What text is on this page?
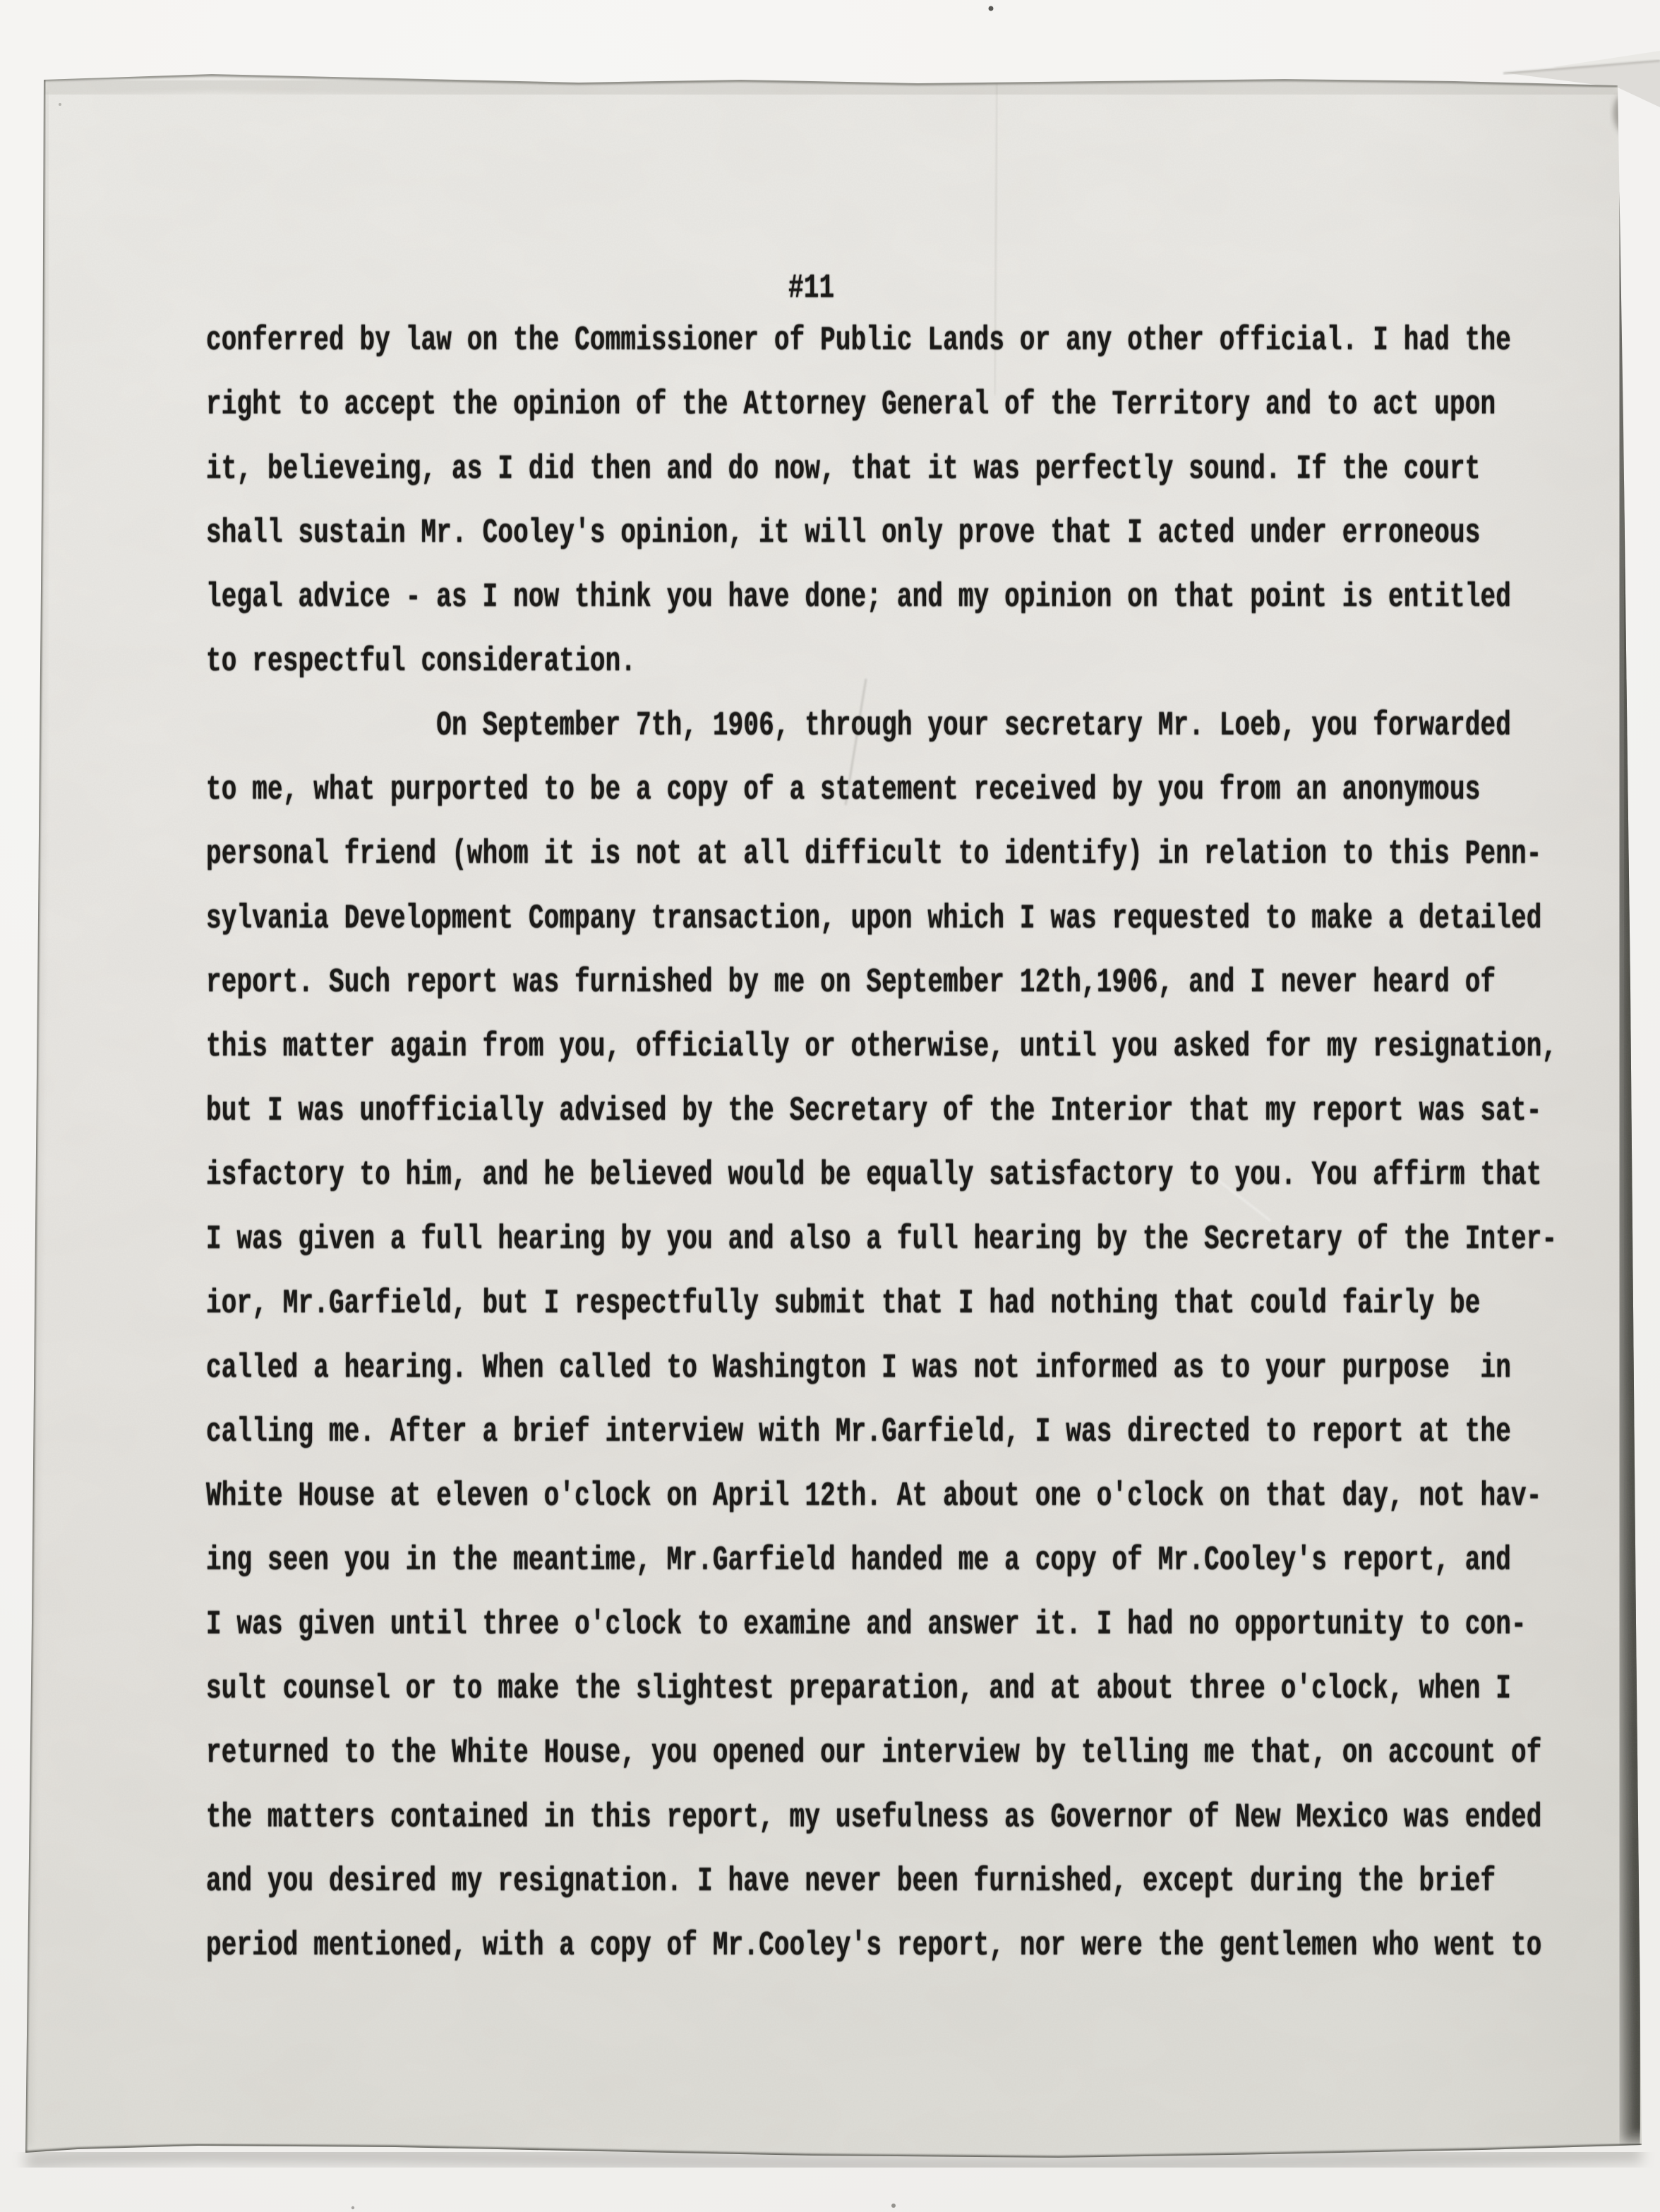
#11
conferred by law on the Commissioner of Public Lands or any other official. I had the
right to accept the opinion of the Attorney General of the Territory and to act upon
it, believeing, as I did then and do now, that it was perfectly sound. If the court
shall sustain Mr. Cooley's opinion, it will only prove that I acted under erroneous
legal advice - as I now think you have done; and my opinion on that point is entitled
to respectful consideration.
On September 7th, 1906, through your secretary Mr. Loeb, you forwarded
to me, what purported to be a copy of a statement received by you from an anonymous
personal friend (whom it is not at all difficult to identify) in relation to this Penn-
sylvania Development Company transaction, upon which I was requested to make a detailed
report. Such report was furnished by me on September 12th,1906, and I never heard of
this matter again from you, officially or otherwise, until you asked for my resignation,
but I was unofficially advised by the Secretary of the Interior that my report was sat-
isfactory to him, and he believed would be equally satisfactory to you. You affirm that
I was given a full hearing by you and also a full hearing by the Secretary of the Inter-
ior, Mr.Garfield, but I respectfully submit that I had nothing that could fairly be
called a hearing. When called to Washington I was not informed as to your purpose  in
calling me. After a brief interview with Mr.Garfield, I was directed to report at the
White House at eleven o'clock on April 12th. At about one o'clock on that day, not hav-
ing seen you in the meantime, Mr.Garfield handed me a copy of Mr.Cooley's report, and
I was given until three o'clock to examine and answer it. I had no opportunity to con-
sult counsel or to make the slightest preparation, and at about three o'clock, when I
returned to the White House, you opened our interview by telling me that, on account of
the matters contained in this report, my usefulness as Governor of New Mexico was ended
and you desired my resignation. I have never been furnished, except during the brief
period mentioned, with a copy of Mr.Cooley's report, nor were the gentlemen who went to
